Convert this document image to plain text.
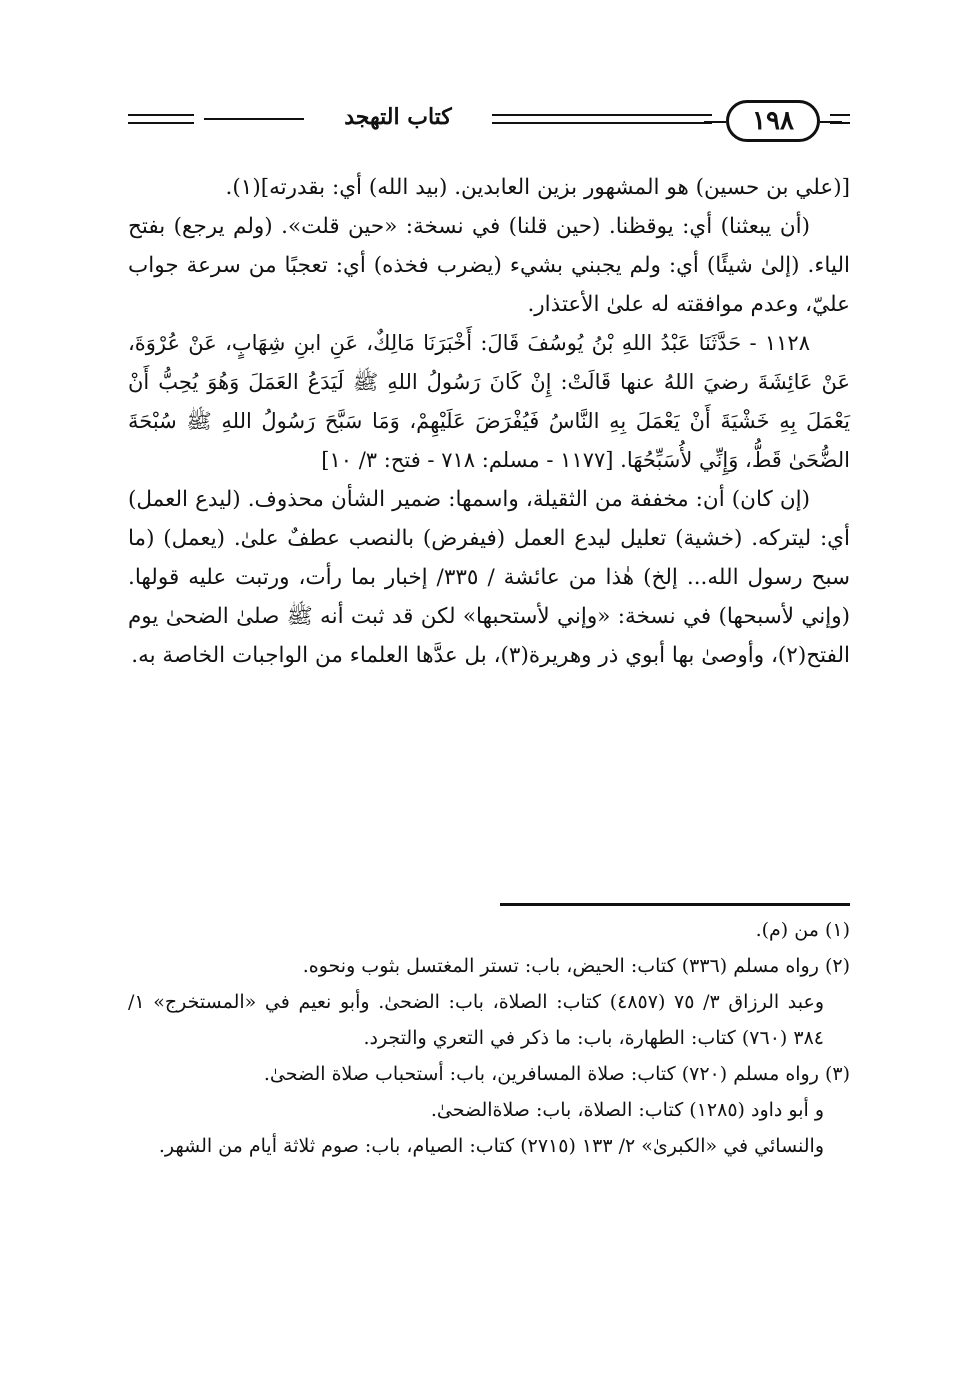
كتاب التهجد	١٩٨

[(علي بن حسين) هو المشهور بزين العابدين. (بيد الله) أي: بقدرته](١).

(أن يبعثنا) أي: يوقظنا. (حين قلنا) في نسخة: «حين قلت». (ولم يرجع) بفتح الياء. (إلىٰ شيئًا) أي: ولم يجبني بشيء (يضرب فخذه) أي: تعجبًا من سرعة جواب عليّ، وعدم موافقته له علىٰ الأعتذار.

١١٢٨ - حَدَّثَنَا عَبْدُ اللهِ بْنُ يُوسُفَ قَالَ: أَخْبَرَنَا مَالِكٌ، عَنِ ابنِ شِهَابٍ، عَنْ عُرْوَةَ، عَنْ عَائِشَةَ رضيَ اللهُ عنها قَالَتْ: إِنْ كَانَ رَسُولُ اللهِ ﷺ لَيَدَعُ العَمَلَ وَهُوَ يُحِبُّ أَنْ يَعْمَلَ بِهِ خَشْيَةَ أَنْ يَعْمَلَ بِهِ النَّاسُ فَيُفْرَضَ عَلَيْهِمْ، وَمَا سَبَّحَ رَسُولُ اللهِ ﷺ سُبْحَةَ الضُّحَىٰ قَطُّ، وَإِنِّي لأُسَبِّحُهَا. [١١٧٧ - مسلم: ٧١٨ - فتح: ٣/ ١٠]

(إن كان) أن: مخففة من الثقيلة، واسمها: ضمير الشأن محذوف. (ليدع العمل) أي: ليتركه. (خشية) تعليل ليدع العمل (فيفرض) بالنصب عطفٌ علىٰ. (يعمل) (ما سبح رسول الله... إلخ) هٰذا من عائشة / ٣٣٥/ إخبار بما رأت، ورتبت عليه قولها. (وإني لأسبحها) في نسخة: «وإني لأستحبها» لكن قد ثبت أنه ﷺ صلىٰ الضحىٰ يوم الفتح(٢)، وأوصىٰ بها أبوي ذر وهريرة(٣)، بل عدَّها العلماء من الواجبات الخاصة به.

(١) من (م).

(٢) رواه مسلم (٣٣٦) كتاب: الحيض، باب: تستر المغتسل بثوب ونحوه.

وعبد الرزاق ٣/ ٧٥ (٤٨٥٧) كتاب: الصلاة، باب: الضحىٰ. وأبو نعيم في «المستخرج» ١/ ٣٨٤ (٧٦٠) كتاب: الطهارة، باب: ما ذكر في التعري والتجرد.

(٣) رواه مسلم (٧٢٠) كتاب: صلاة المسافرين، باب: أستحباب صلاة الضحىٰ.

و أبو داود (١٢٨٥) كتاب: الصلاة، باب: صلاةالضحىٰ.

والنسائي في «الكبرىٰ» ٢/ ١٣٣ (٢٧١٥) كتاب: الصيام، باب: صوم ثلاثة أيام من الشهر.
